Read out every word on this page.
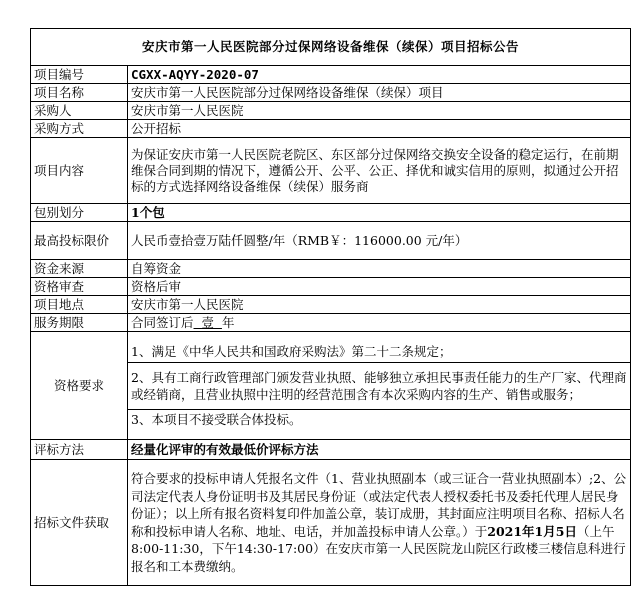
安庆市第一人民医院部分过保网络设备维保（续保）项目招标公告	
项目编号	CGXX-AQYY-2020-07
项目名称	安庆市第一人民医院部分过保网络设备维保（续保）项目
采购人	安庆市第一人民医院
采购方式	公开招标
项目内容	为保证安庆市第一人民医院老院区、东区部分过保网络交换安全设备的稳定运行，在前期维保合同到期的情况下，遵循公开、公平、公正、择优和诚实信用的原则，拟通过公开招标的方式选择网络设备维保（续保）服务商
包别划分	1个包
最高投标限价	人民币壹拾壹万陆仟圆整/年（RMB￥：116000.00 元/年）
资金来源	自筹资金
资格审查	资格后审
项目地点	安庆市第一人民医院
服务期限	合同签订后 壹 年
资格要求	1、满足《中华人民共和国政府采购法》第二十二条规定；
2、具有工商行政管理部门颁发营业执照、能够独立承担民事责任能力的生产厂家、代理商或经销商，且营业执照中注明的经营范围含有本次采购内容的生产、销售或服务；
3、本项目不接受联合体投标。

评标方法	经量化评审的有效最低价评标方法
招标文件获取	符合要求的投标申请人凭报名文件（1、营业执照副本（或三证合一营业执照副本）;2、公司法定代表人身份证明书及其居民身份证（或法定代表人授权委托书及委托代理人居民身份证）；以上所有报名资料复印件加盖公章，装订成册，其封面应注明项目名称、招标人名称和投标申请人名称、地址、电话，并加盖投标申请人公章。）于2021年1月5日（上午8:00-11:30，下午14:30-17:00）在安庆市第一人民医院龙山院区行政楼三楼信息科进行报名和工本费缴纳。
